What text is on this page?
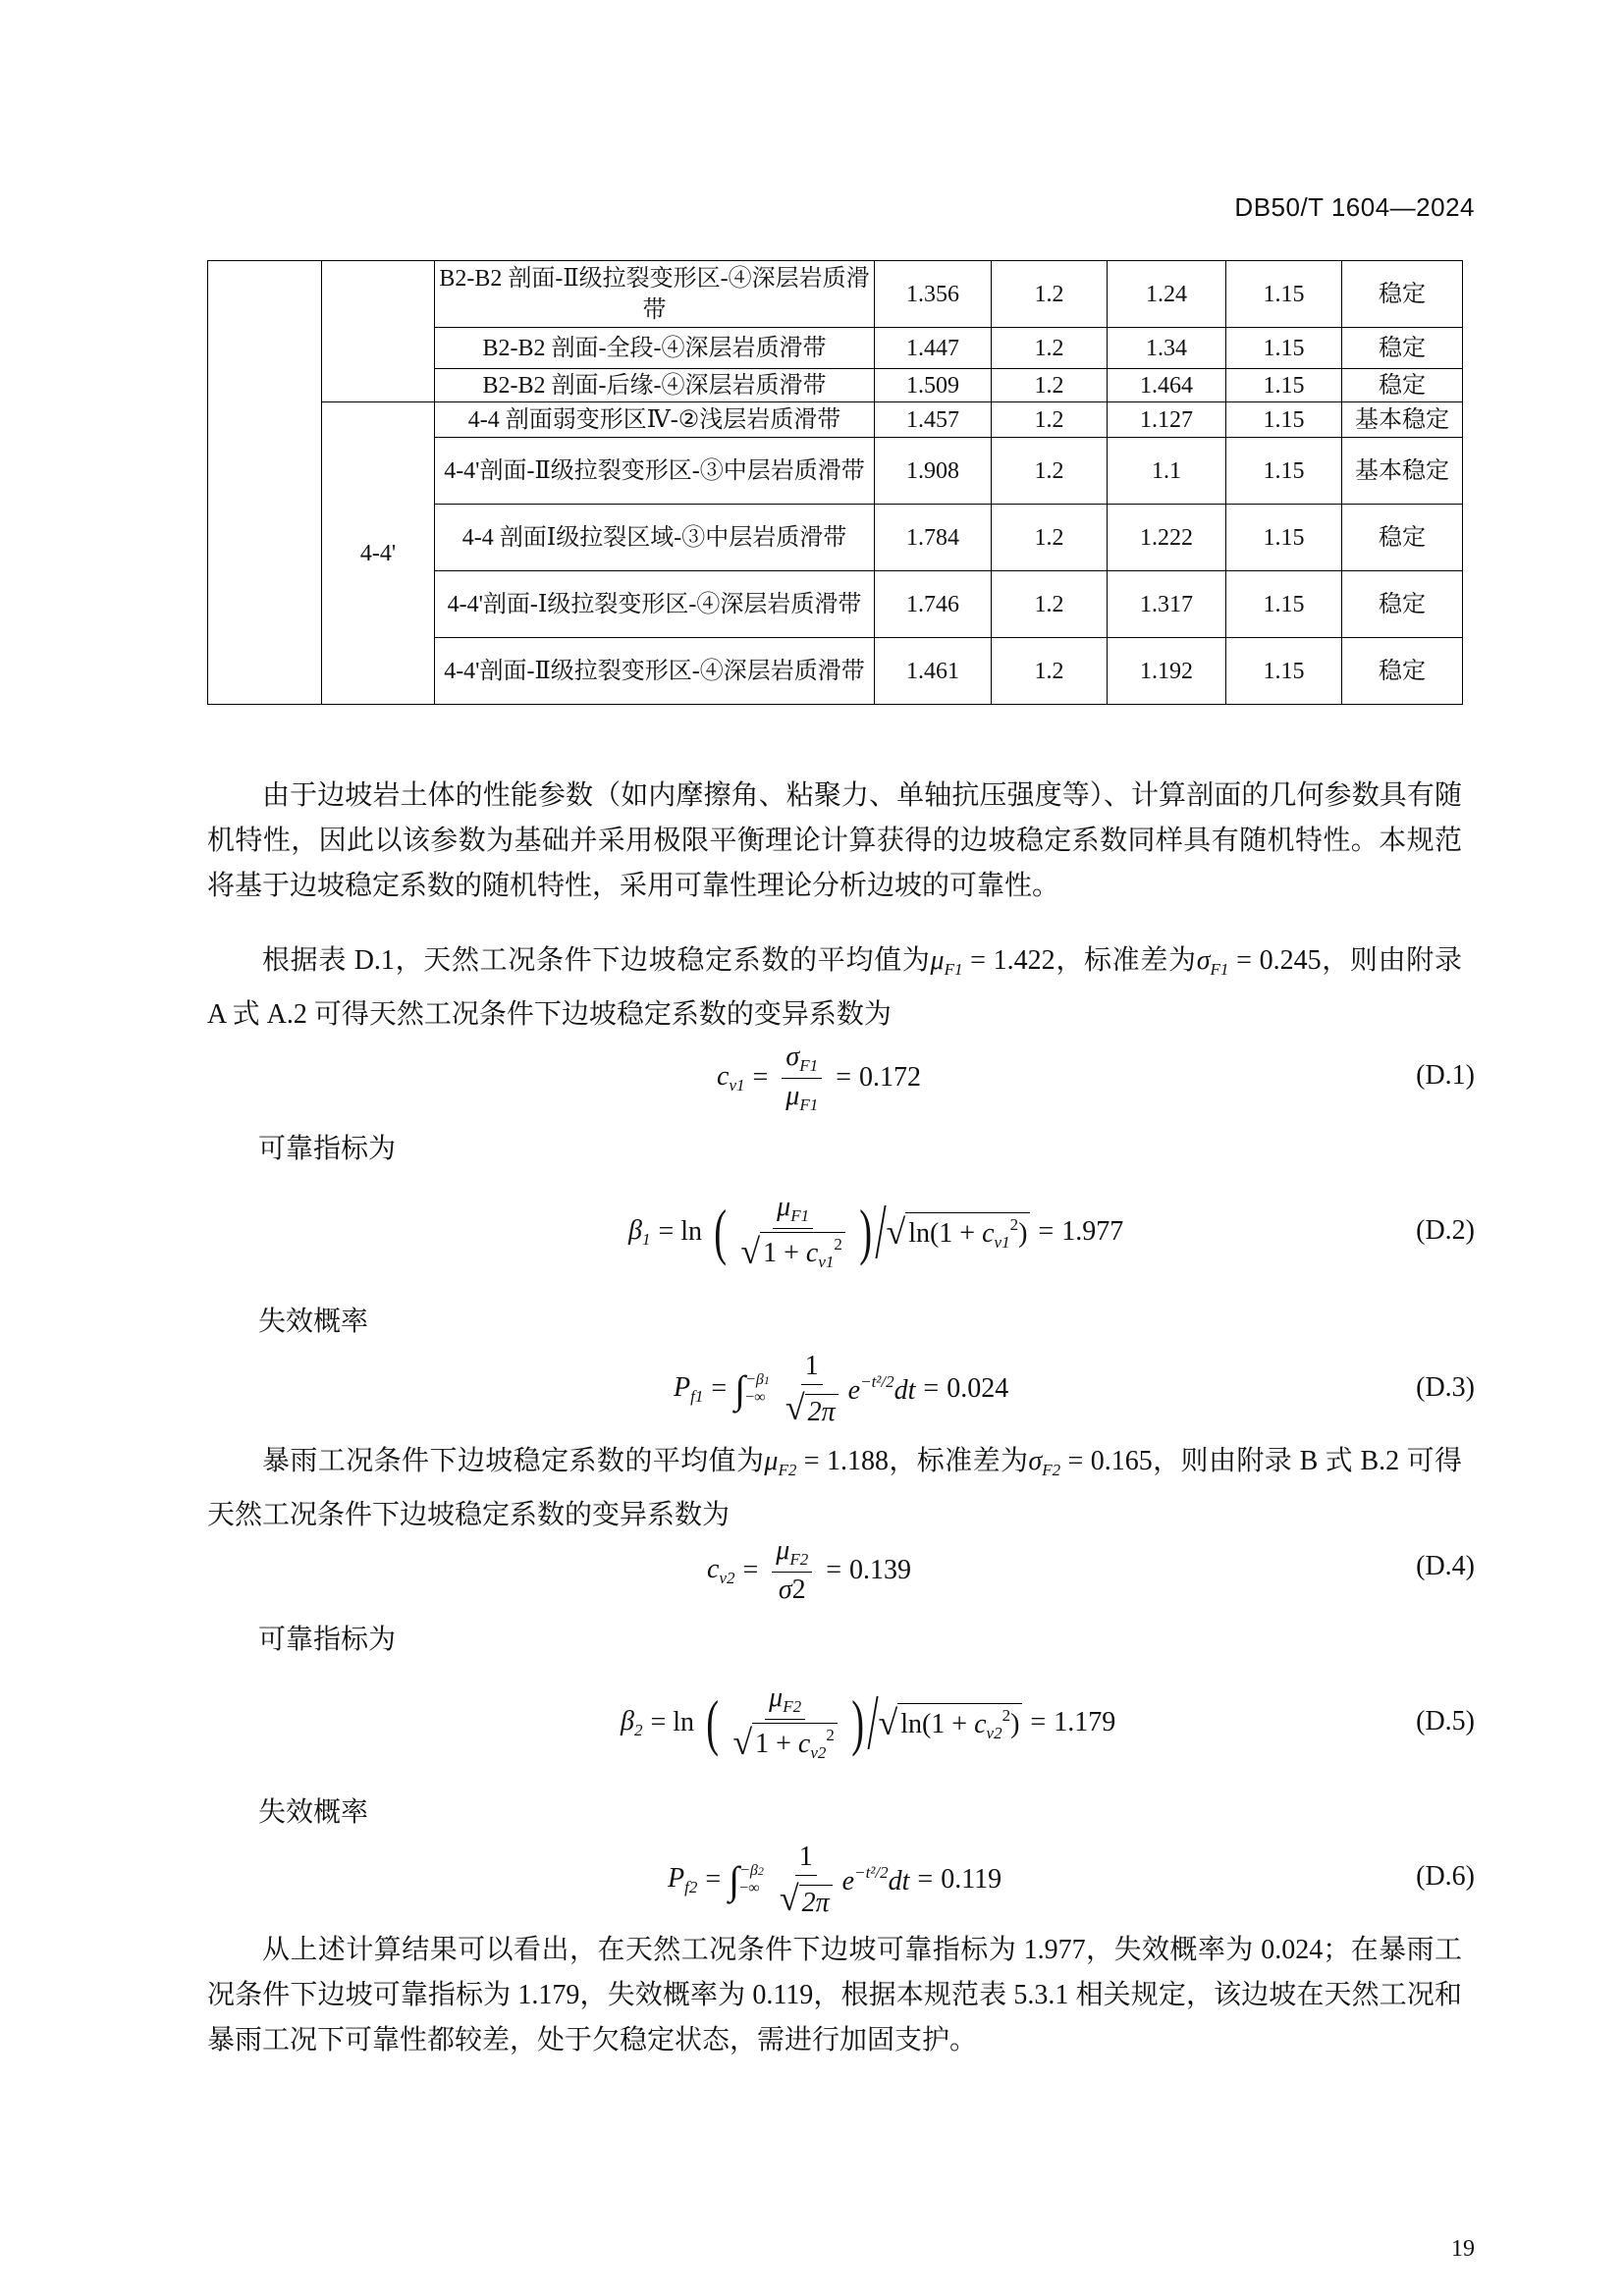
DB50/T 1604—2024
		B2-B2 剖面-Ⅱ级拉裂变形区-④深层岩质滑带	1.356	1.2	1.24	1.15	稳定
		B2-B2 剖面-全段-④深层岩质滑带	1.447	1.2	1.34	1.15	稳定
		B2-B2 剖面-后缘-④深层岩质滑带	1.509	1.2	1.464	1.15	稳定
	4-4'	4-4 剖面弱变形区Ⅳ-②浅层岩质滑带	1.457	1.2	1.127	1.15	基本稳定
		4-4'剖面-Ⅱ级拉裂变形区-③中层岩质滑带	1.908	1.2	1.1	1.15	基本稳定
		4-4 剖面Ⅰ级拉裂区域-③中层岩质滑带	1.784	1.2	1.222	1.15	稳定
		4-4'剖面-Ⅰ级拉裂变形区-④深层岩质滑带	1.746	1.2	1.317	1.15	稳定
		4-4'剖面-Ⅱ级拉裂变形区-④深层岩质滑带	1.461	1.2	1.192	1.15	稳定
由于边坡岩土体的性能参数（如内摩擦角、粘聚力、单轴抗压强度等）、计算剖面的几何参数具有随机特性，因此以该参数为基础并采用极限平衡理论计算获得的边坡稳定系数同样具有随机特性。本规范将基于边坡稳定系数的随机特性，采用可靠性理论分析边坡的可靠性。
根据表 D.1，天然工况条件下边坡稳定系数的平均值为$\mu_{F1} = 1.422$，标准差为$\sigma_{F1} = 0.245$，则由附录 A 式 A.2 可得天然工况条件下边坡稳定系数的变异系数为
$c_{v1} = \frac{\sigma_{F1}}{\mu_{F1}} = 0.172$	(D.1)
可靠指标为
$\beta_1 = \ln$ ( $\frac{\mu_{F1}}{√ 1 + c_{v1}^2}$ ) / √ $\ln(1 + c_{v1}^2) = 1.977$	(D.2)
失效概率
$P_{f1}$ = ∫ −β1
−∞ $\frac{1}{√ 2\pi} e^{-t^2/2}dt = 0.024$	(D.3)
暴雨工况条件下边坡稳定系数的平均值为$\mu_{F2} = 1.188$，标准差为$\sigma_{F2} = 0.165$，则由附录 B 式 B.2 可得天然工况条件下边坡稳定系数的变异系数为
$c_{v2} = \frac{\mu_{F2}}{\sigma 2} = 0.139$	(D.4)
可靠指标为
$\beta_2 = \ln$ ( $\frac{\mu_{F2}}{√ 1 + c_{v2}^2}$ ) / √ $\ln(1 + c_{v2}^2) = 1.179$	(D.5)
失效概率
$P_{f2}$ = ∫ −β2
−∞ $\frac{1}{√ 2\pi} e^{-t^2/2}dt = 0.119$	(D.6)
从上述计算结果可以看出，在天然工况条件下边坡可靠指标为 1.977，失效概率为 0.024；在暴雨工况条件下边坡可靠指标为 1.179，失效概率为 0.119，根据本规范表 5.3.1 相关规定，该边坡在天然工况和暴雨工况下可靠性都较差，处于欠稳定状态，需进行加固支护。
19
